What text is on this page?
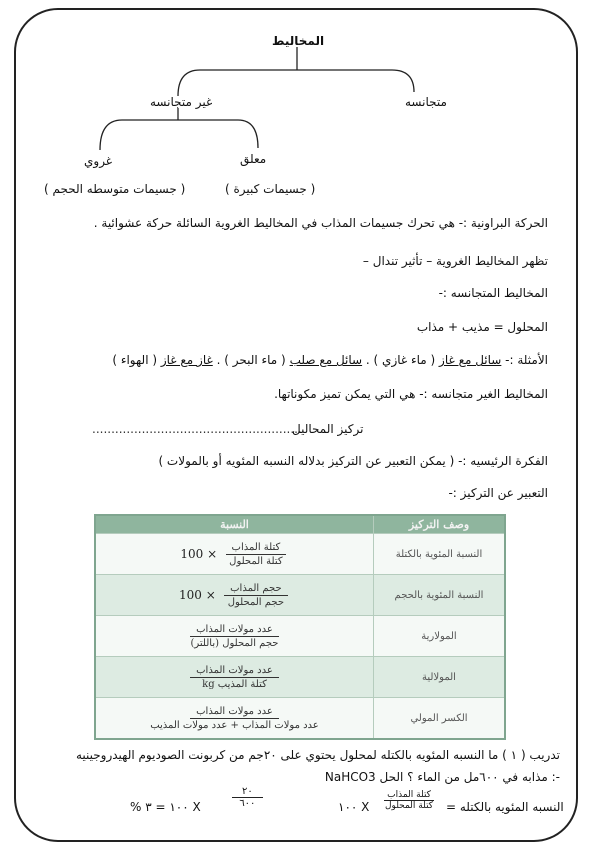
المخاليط
متجانسه
غير متجانسه
معلق
غروي
( جسيمات كبيرة )
( جسيمات متوسطه الحجم )
الحركة البراونية :- هي تحرك جسيمات المذاب في المخاليط الغروية السائلة حركة عشوائية .
تظهر المخاليط الغروية – تأثير تندال –
المخاليط المتجانسه :-
المحلول = مذيب + مذاب
الأمثلة :- سائل مع غاز ( ماء غازي ) . سائل مع صلب ( ماء البحر ) . غاز مع غاز ( الهواء )
المخاليط الغير متجانسه :- هي التي يمكن تميز مكوناتها.
.......................................................
تركيز المحاليل
الفكرة الرئيسيه :- ( يمكن التعبير عن التركيز بدلاله النسبه المئويه أو بالمولات )
التعبير عن التركيز :-
وصف التركيز	النسبة
النسبة المئوية بالكتلة	$100 \times \frac{\text{كتلة المذاب}}{\text{كتلة المحلول}}$

النسبة المئوية بالحجم	$100 \times \frac{\text{حجم المذاب}}{\text{حجم المحلول}}$

المولارية	$\frac{\text{عدد مولات المذاب}}{\text{حجم المحلول (باللتر)}}$

المولالية	$\frac{\text{عدد مولات المذاب}}{\text{كتلة المذيب kg}}$

الكسر المولي	$\frac{\text{عدد مولات المذاب}}{\text{عدد مولات المذاب + عدد مولات المذيب}}$
تدريب ( ١ ) ما النسبه المئويه بالكتله لمحلول يحتوي على ٢٠جم من كربونت الصوديوم الهيدروجينيه
NaHCO3 مذابه في ٦٠٠مل من الماء ؟ الحل :-
النسبه المئويه بالكتله =
كتلة المذاب
كتلة المحلول
١٠٠ X
٢٠
٦٠٠
X ١٠٠ = ٣ %
